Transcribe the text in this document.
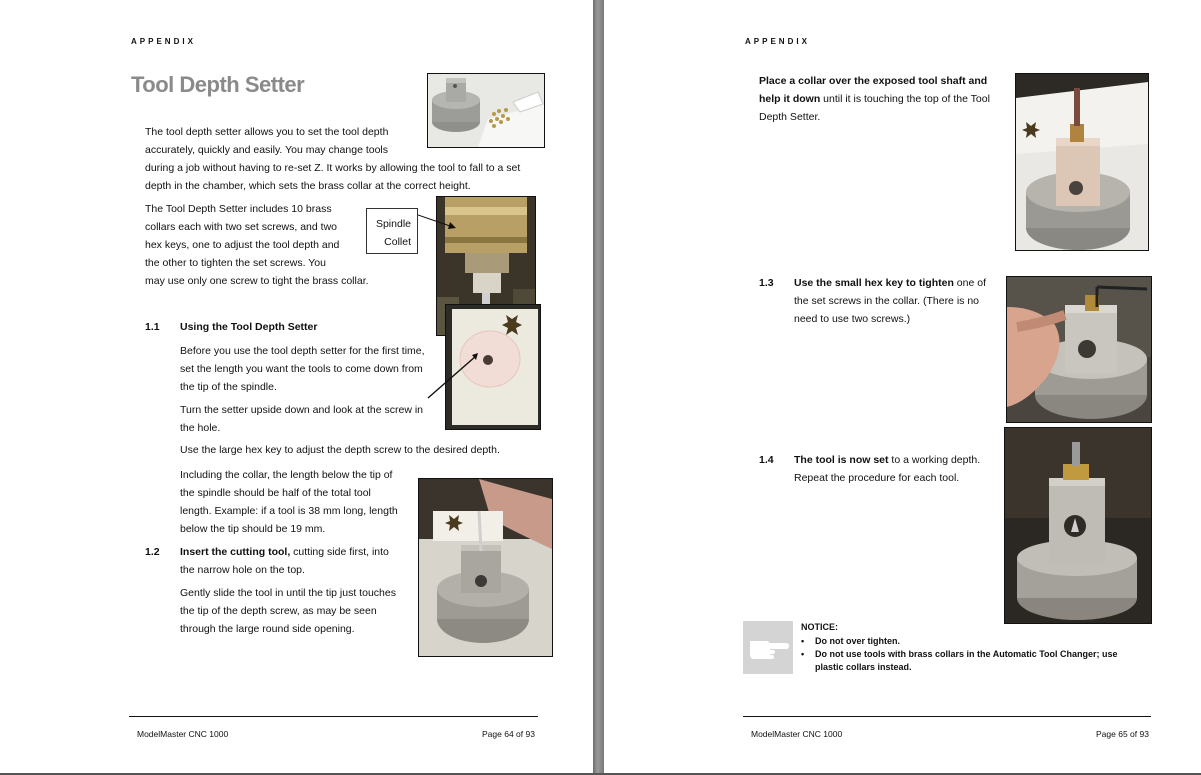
APPENDIX
Tool Depth Setter
The tool depth setter allows you to set the tool depth
accurately, quickly and easily. You may change tools
during a job without having to re-set Z. It works by allowing the tool to fall to a set
depth in the chamber, which sets the brass collar at the correct height.
The Tool Depth Setter includes 10 brass
collars each with two set screws, and two
hex keys, one to adjust the tool depth and
the other to tighten the set screws. You
may use only one screw to tight the brass collar.
Spindle
Collet
1.1 Using the Tool Depth Setter
Before you use the tool depth setter for the first time,
set the length you want the tools to come down from
the tip of the spindle.
Turn the setter upside down and look at the screw in
the hole.
Use the large hex key to adjust the depth screw to the desired depth.
Including the collar, the length below the tip of
the spindle should be half of the total tool
length. Example: if a tool is 38 mm long, length
below the tip should be 19 mm.
1.2 Insert the cutting tool, cutting side first, into
the narrow hole on the top.
Gently slide the tool in until the tip just touches
the tip of the depth screw, as may be seen
through the large round side opening.
ModelMaster CNC 1000	Page 64 of 93
APPENDIX
Place a collar over the exposed tool shaft and
help it down until it is touching the top of the Tool
Depth Setter.
1.3 Use the small hex key to tighten one of
the set screws in the collar. (There is no
need to use two screws.)
1.4 The tool is now set to a working depth.
Repeat the procedure for each tool.
NOTICE:
• Do not over tighten.
• Do not use tools with brass collars in the Automatic Tool Changer; use plastic collars instead.
ModelMaster CNC 1000	Page 65 of 93
